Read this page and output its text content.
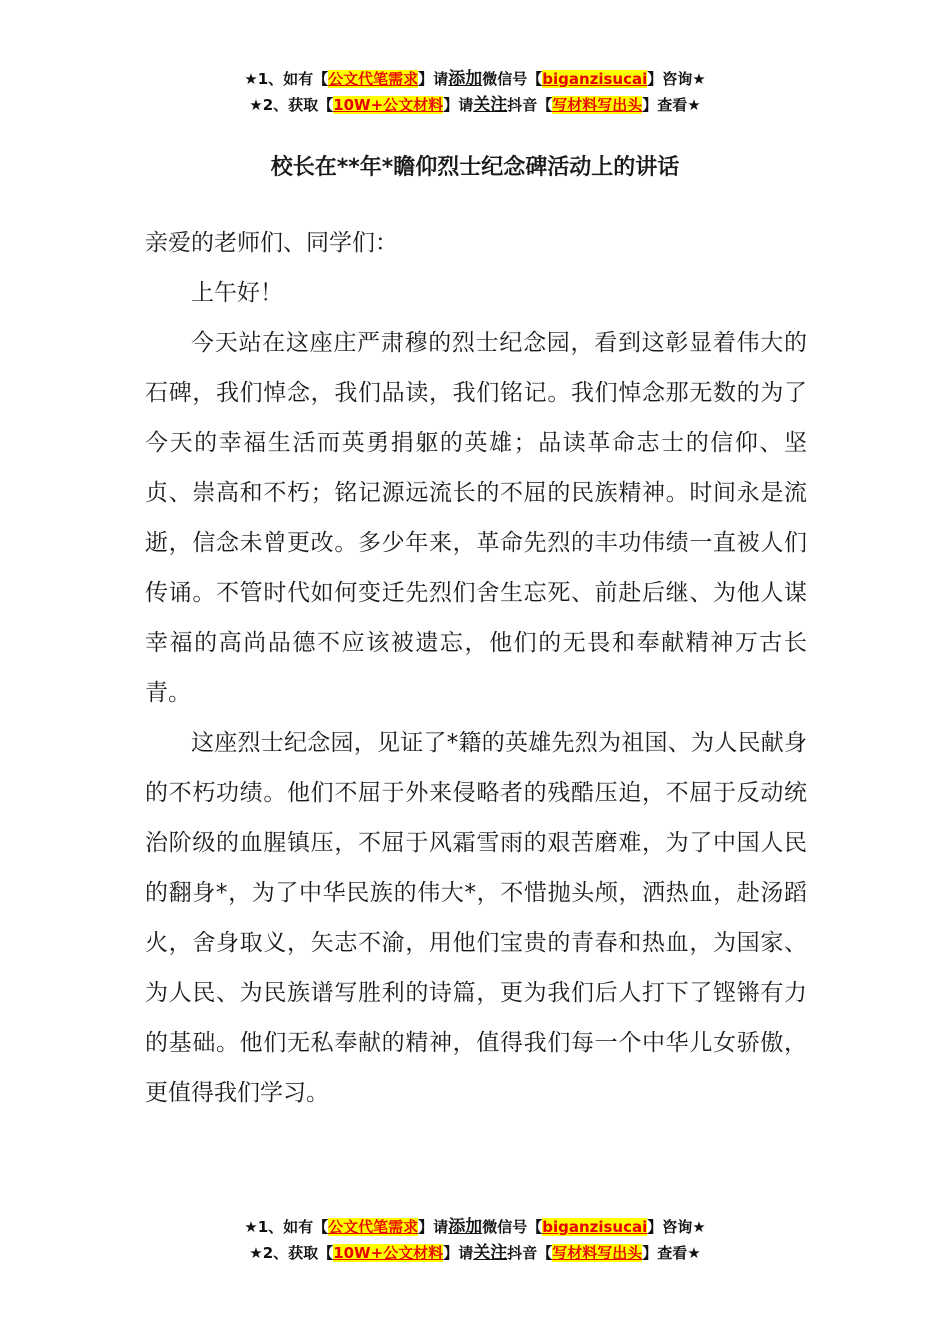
★1、如有【公文代笔需求】请添加微信号【biganzisucai】咨询★
★2、获取【10W+公文材料】请关注抖音【写材料写出头】查看★
校长在**年*瞻仰烈士纪念碑活动上的讲话

亲爱的老师们、同学们：

上午好！

今天站在这座庄严肃穆的烈士纪念园，看到这彰显着伟大的石碑，我们悼念，我们品读，我们铭记。我们悼念那无数的为了今天的幸福生活而英勇捐躯的英雄；品读革命志士的信仰、坚贞、崇高和不朽；铭记源远流长的不屈的民族精神。时间永是流逝，信念未曾更改。多少年来，革命先烈的丰功伟绩一直被人们传诵。不管时代如何变迁先烈们舍生忘死、前赴后继、为他人谋幸福的高尚品德不应该被遗忘，他们的无畏和奉献精神万古长青。

这座烈士纪念园，见证了*籍的英雄先烈为祖国、为人民献身的不朽功绩。他们不屈于外来侵略者的残酷压迫，不屈于反动统治阶级的血腥镇压，不屈于风霜雪雨的艰苦磨难，为了中国人民的翻身*，为了中华民族的伟大*，不惜抛头颅，洒热血，赴汤蹈火，舍身取义，矢志不渝，用他们宝贵的青春和热血，为国家、为人民、为民族谱写胜利的诗篇，更为我们后人打下了铿锵有力的基础。他们无私奉献的精神，值得我们每一个中华儿女骄傲，更值得我们学习。

★1、如有【公文代笔需求】请添加微信号【biganzisucai】咨询★
★2、获取【10W+公文材料】请关注抖音【写材料写出头】查看★
